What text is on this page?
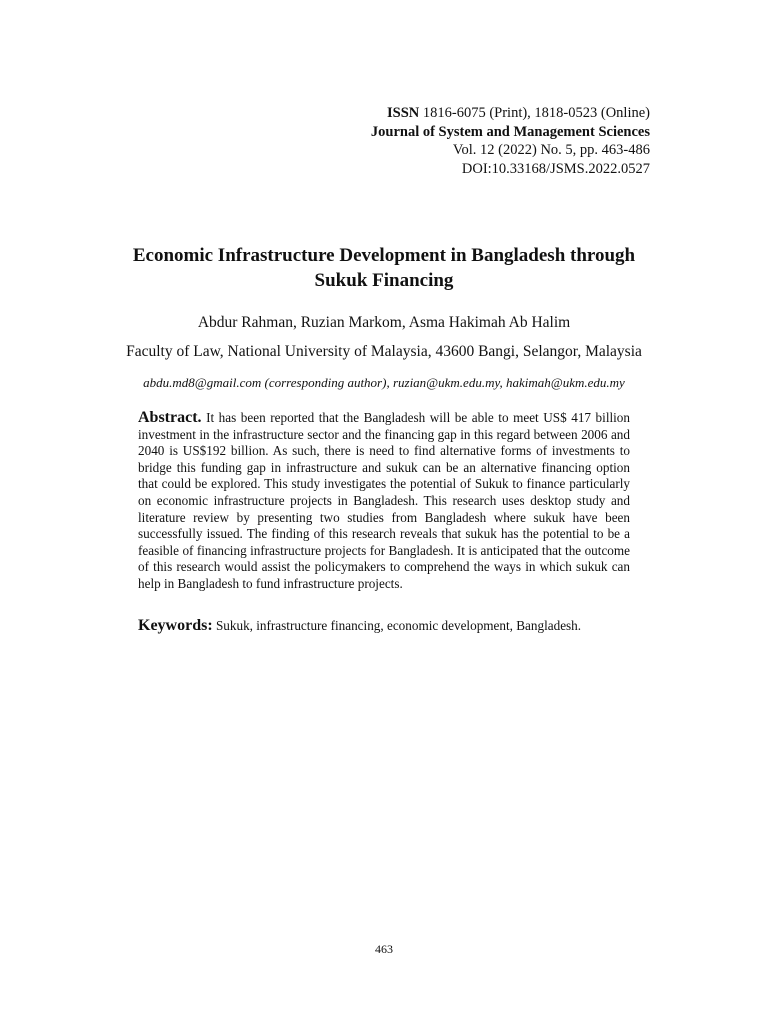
ISSN 1816-6075 (Print), 1818-0523 (Online)
Journal of System and Management Sciences
Vol. 12 (2022) No. 5, pp. 463-486
DOI:10.33168/JSMS.2022.0527
Economic Infrastructure Development in Bangladesh through
Sukuk Financing
Abdur Rahman, Ruzian Markom, Asma Hakimah Ab Halim
Faculty of Law, National University of Malaysia, 43600 Bangi, Selangor, Malaysia
abdu.md8@gmail.com (corresponding author), ruzian@ukm.edu.my, hakimah@ukm.edu.my
Abstract. It has been reported that the Bangladesh will be able to meet US$ 417 billion investment in the infrastructure sector and the financing gap in this regard between 2006 and 2040 is US$192 billion. As such, there is need to find alternative forms of investments to bridge this funding gap in infrastructure and sukuk can be an alternative financing option that could be explored. This study investigates the potential of Sukuk to finance particularly on economic infrastructure projects in Bangladesh. This research uses desktop study and literature review by presenting two studies from Bangladesh where sukuk have been successfully issued. The finding of this research reveals that sukuk has the potential to be a feasible of financing infrastructure projects for Bangladesh. It is anticipated that the outcome of this research would assist the policymakers to comprehend the ways in which sukuk can help in Bangladesh to fund infrastructure projects.
Keywords: Sukuk, infrastructure financing, economic development, Bangladesh.
463
